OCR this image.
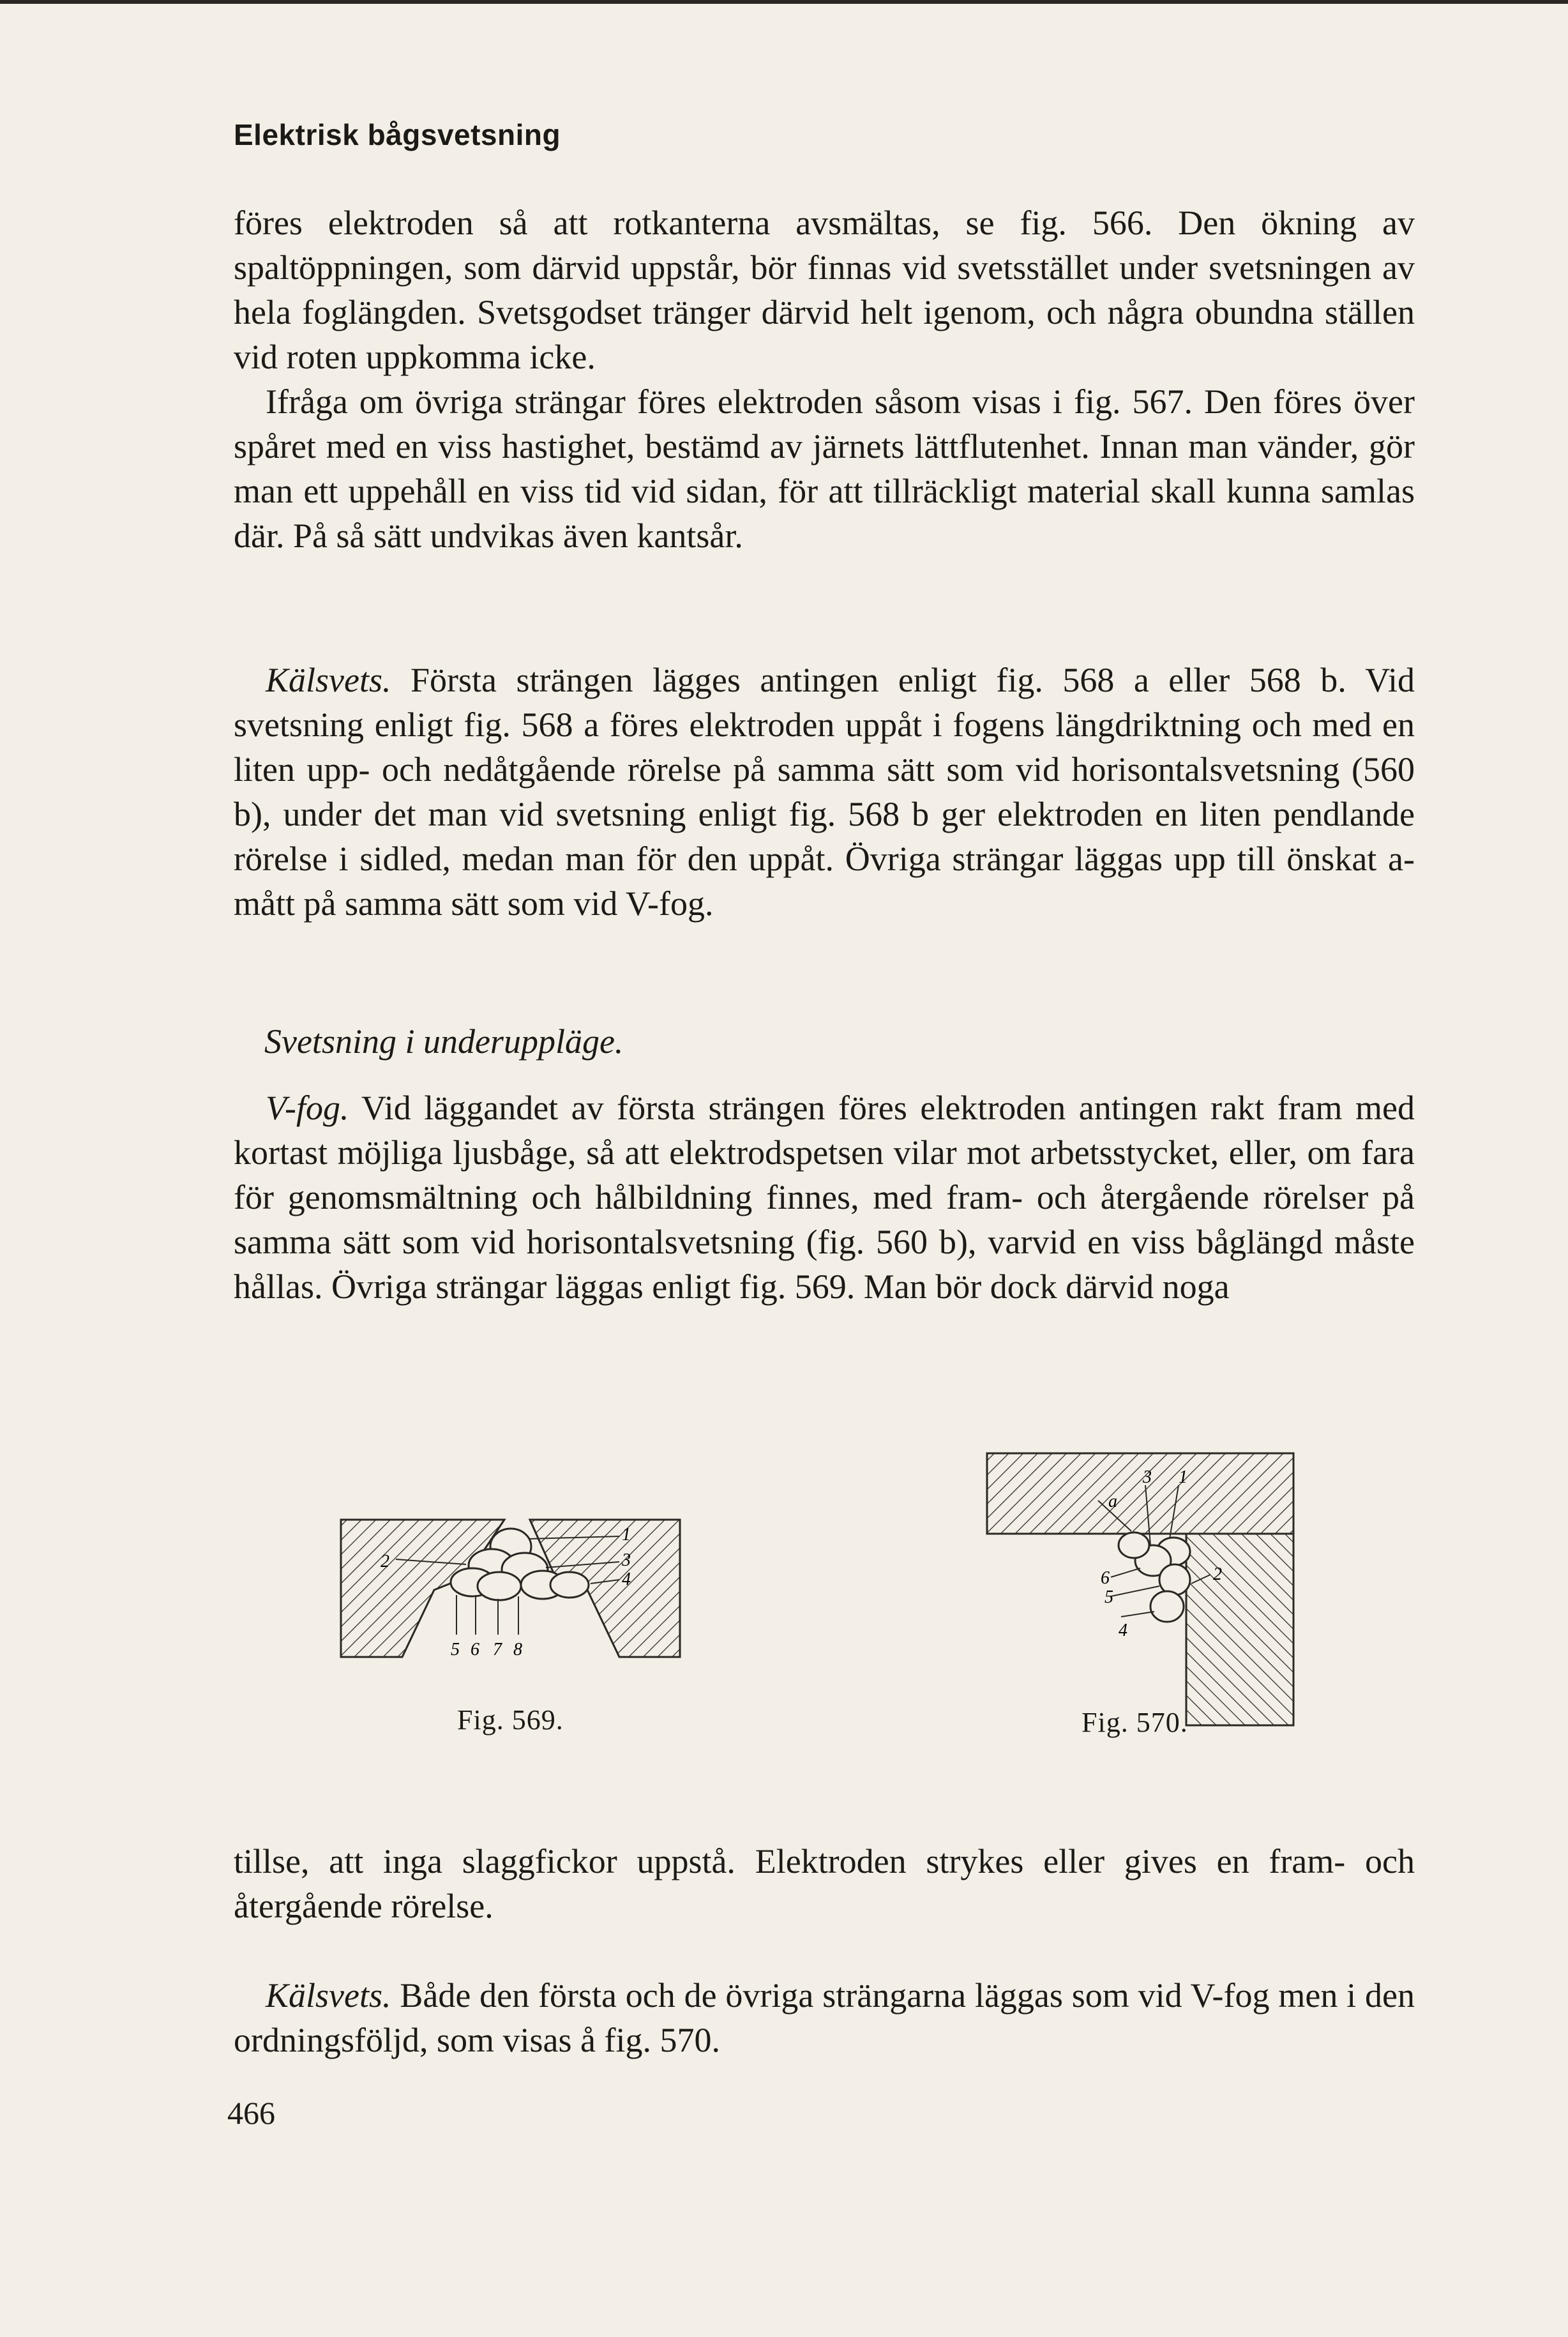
Elektrisk bågsvetsning
föres elektroden så att rotkanterna avsmältas, se fig. 566. Den ökning av spaltöppningen, som därvid uppstår, bör finnas vid svetsstället under svetsningen av hela foglängden. Svetsgodset tränger därvid helt igenom, och några obundna ställen vid roten uppkomma icke.
Ifråga om övriga strängar föres elektroden såsom visas i fig. 567. Den föres över spåret med en viss hastighet, bestämd av järnets lättflutenhet. Innan man vänder, gör man ett uppehåll en viss tid vid sidan, för att tillräckligt material skall kunna samlas där. På så sätt undvikas även kantsår.
Kälsvets. Första strängen lägges antingen enligt fig. 568 a eller 568 b. Vid svetsning enligt fig. 568 a föres elektroden uppåt i fogens längdriktning och med en liten upp- och nedåtgående rörelse på samma sätt som vid horisontalsvetsning (560 b), under det man vid svetsning enligt fig. 568 b ger elektroden en liten pendlande rörelse i sidled, medan man för den uppåt. Övriga strängar läggas upp till önskat a-mått på samma sätt som vid V-fog.
Svetsning i underuppläge.
V-fog. Vid läggandet av första strängen föres elektroden antingen rakt fram med kortast möjliga ljusbåge, så att elektrodspetsen vilar mot arbetsstycket, eller, om fara för genomsmältning och hålbildning finnes, med fram- och återgående rörelser på samma sätt som vid horisontalsvetsning (fig. 560 b), varvid en viss båglängd måste hållas. Övriga strängar läggas enligt fig. 569. Man bör dock därvid noga
1
2	3
4
5 6 7 8
Fig. 569.
a
1
2
3
4
5
6
Fig. 570.
tillse, att inga slaggfickor uppstå. Elektroden strykes eller gives en fram- och återgående rörelse.
Kälsvets. Både den första och de övriga strängarna läggas som vid V-fog men i den ordningsföljd, som visas å fig. 570.
466
